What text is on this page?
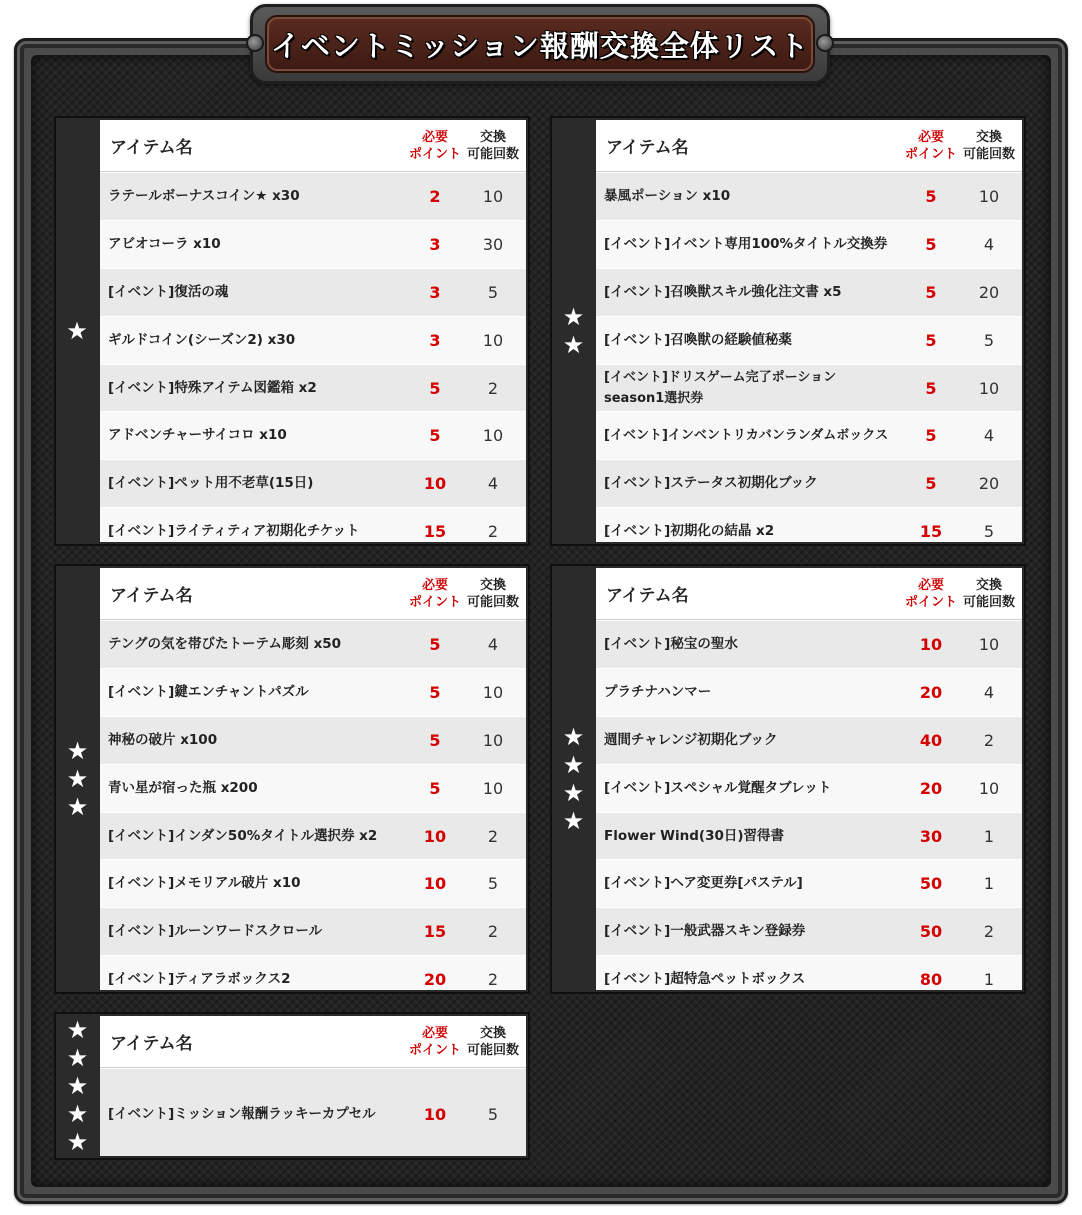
イベントミッション報酬交換全体リスト
★
アイテム名
必要
ポイント
交換
可能回数
ラテールボーナスコイン★ x30	2	10
アビオコーラ x10	3	30
[イベント]復活の魂	3	5
ギルドコイン(シーズン2) x30	3	10
[イベント]特殊アイテム図鑑箱 x2	5	2
アドベンチャーサイコロ x10	5	10
[イベント]ペット用不老草(15日)	10	4
[イベント]ライティティア初期化チケット	15	2
★★
アイテム名
必要
ポイント
交換
可能回数
暴風ポーション x10	5	10
[イベント]イベント専用100%タイトル交換券	5	4
[イベント]召喚獣スキル強化注文書 x5	5	20
[イベント]召喚獣の経験値秘薬	5	5
[イベント]ドリスゲーム完了ポーション season1選択券
5	10
[イベント]インベントリカバンランダムボックス	5	4
[イベント]ステータス初期化ブック	5	20
[イベント]初期化の結晶 x2	15	5
★★★
アイテム名
必要
ポイント
交換
可能回数
テングの気を帯びたトーテム彫刻 x50	5	4
[イベント]鍵エンチャントパズル	5	10
神秘の破片 x100	5	10
青い星が宿った瓶 x200	5	10
[イベント]インダン50%タイトル選択券 x2	10	2
[イベント]メモリアル破片 x10	10	5
[イベント]ルーンワードスクロール	15	2
[イベント]ティアラボックス2	20	2
★★★★
アイテム名
必要
ポイント
交換
可能回数
[イベント]秘宝の聖水	10	10
プラチナハンマー	20	4
週間チャレンジ初期化ブック	40	2
[イベント]スペシャル覚醒タブレット	20	10
Flower Wind(30日)習得書	30	1
[イベント]ヘア変更券[パステル]	50	1
[イベント]一般武器スキン登録券	50	2
[イベント]超特急ペットボックス	80	1
★★★★★	アイテム名
必要
ポイント
交換
可能回数
[イベント]ミッション報酬ラッキーカプセル	10	5
